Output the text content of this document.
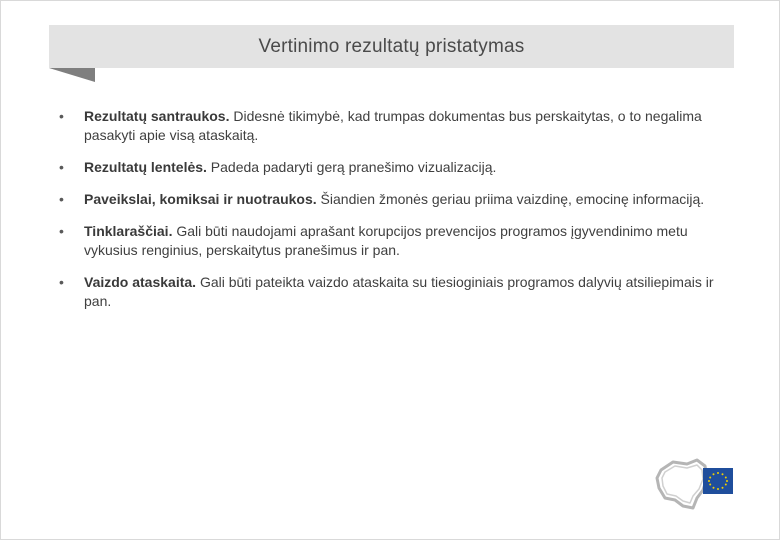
Vertinimo rezultatų pristatymas
• Rezultatų santraukos. Didesnė tikimybė, kad trumpas dokumentas bus perskaitytas, o to negalima pasakyti apie visą ataskaitą.
• Rezultatų lentelės. Padeda padaryti gerą pranešimo vizualizaciją.
• Paveikslai, komiksai ir nuotraukos. Šiandien žmonės geriau priima vaizdinę, emocinę informaciją.
• Tinklaraščiai. Gali būti naudojami aprašant korupcijos prevencijos programos įgyvendinimo metu vykusius renginius, perskaitytus pranešimus ir pan.
• Vaizdo ataskaita. Gali būti pateikta vaizdo ataskaita su tiesioginiais programos dalyvių atsiliepimais ir pan.
